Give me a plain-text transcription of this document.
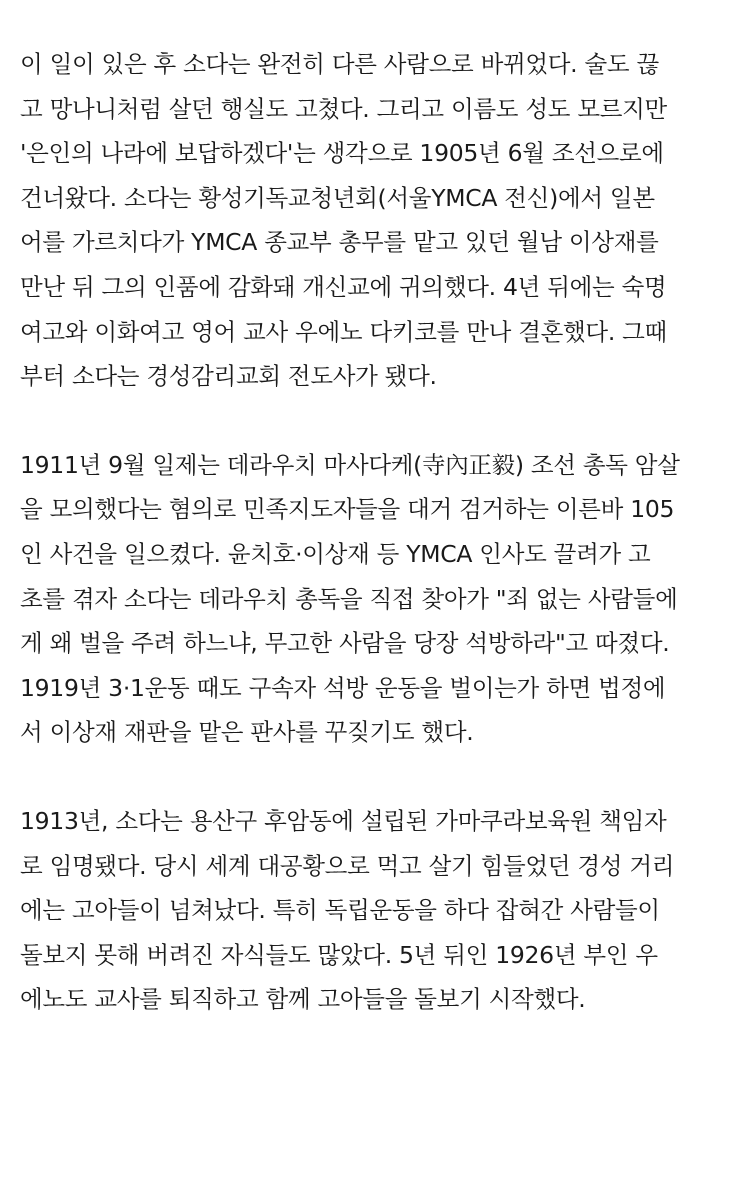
이 일이 있은 후 소다는 완전히 다른 사람으로 바뀌었다. 술도 끊
고 망나니처럼 살던 행실도 고쳤다. 그리고 이름도 성도 모르지만
'은인의 나라에 보답하겠다'는 생각으로 1905년 6월 조선으로에
건너왔다. 소다는 황성기독교청년회(서울YMCA 전신)에서 일본
어를 가르치다가 YMCA 종교부 총무를 맡고 있던 월남 이상재를
만난 뒤 그의 인품에 감화돼 개신교에 귀의했다. 4년 뒤에는 숙명
여고와 이화여고 영어 교사 우에노 다키코를 만나 결혼했다. 그때
부터 소다는 경성감리교회 전도사가 됐다.

1911년 9월 일제는 데라우치 마사다케(寺內正毅) 조선 총독 암살
을 모의했다는 혐의로 민족지도자들을 대거 검거하는 이른바 105
인 사건을 일으켰다. 윤치호·이상재 등 YMCA 인사도 끌려가 고
초를 겪자 소다는 데라우치 총독을 직접 찾아가 "죄 없는 사람들에
게 왜 벌을 주려 하느냐, 무고한 사람을 당장 석방하라"고 따졌다.
1919년 3·1운동 때도 구속자 석방 운동을 벌이는가 하면 법정에
서 이상재 재판을 맡은 판사를 꾸짖기도 했다.

1913년, 소다는 용산구 후암동에 설립된 가마쿠라보육원 책임자
로 임명됐다. 당시 세계 대공황으로 먹고 살기 힘들었던 경성 거리
에는 고아들이 넘쳐났다. 특히 독립운동을 하다 잡혀간 사람들이
돌보지 못해 버려진 자식들도 많았다. 5년 뒤인 1926년 부인 우
에노도 교사를 퇴직하고 함께 고아들을 돌보기 시작했다.
